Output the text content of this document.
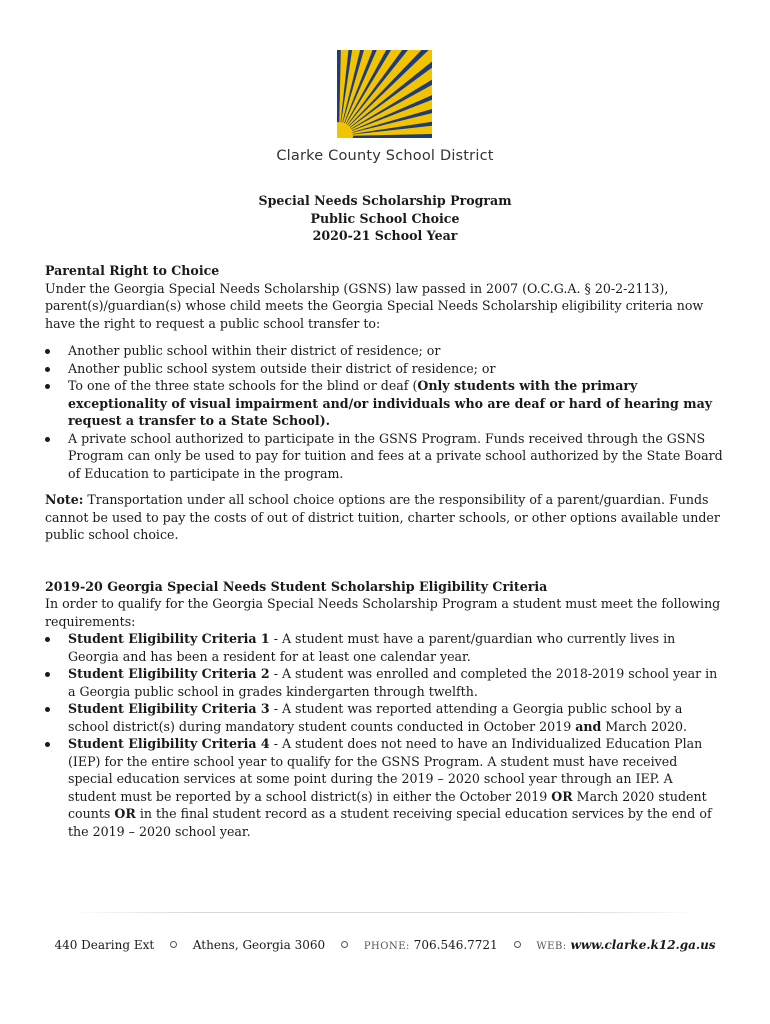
Clarke County School District
Special Needs Scholarship Program
Public School Choice
2020-21 School Year

Parental Right to Choice

Under the Georgia Special Needs Scholarship (GSNS) law passed in 2007 (O.C.G.A. § 20-2-2113), parent(s)/guardian(s) whose child meets the Georgia Special Needs Scholarship eligibility criteria now have the right to request a public school transfer to:

Another public school within their district of residence; or
Another public school system outside their district of residence; or
To one of the three state schools for the blind or deaf (Only students with the primary exceptionality of visual impairment and/or individuals who are deaf or hard of hearing may request a transfer to a State School).
A private school authorized to participate in the GSNS Program. Funds received through the GSNS Program can only be used to pay for tuition and fees at a private school authorized by the State Board of Education to participate in the program.

Note: Transportation under all school choice options are the responsibility of a parent/guardian. Funds cannot be used to pay the costs of out of district tuition, charter schools, or other options available under public school choice.

2019-20 Georgia Special Needs Student Scholarship Eligibility Criteria

In order to qualify for the Georgia Special Needs Scholarship Program a student must meet the following requirements:

Student Eligibility Criteria 1 - A student must have a parent/guardian who currently lives in Georgia and has been a resident for at least one calendar year.
Student Eligibility Criteria 2 - A student was enrolled and completed the 2018-2019 school year in a Georgia public school in grades kindergarten through twelfth.
Student Eligibility Criteria 3 - A student was reported attending a Georgia public school by a school district(s) during mandatory student counts conducted in October 2019 and March 2020.
Student Eligibility Criteria 4 - A student does not need to have an Individualized Education Plan (IEP) for the entire school year to qualify for the GSNS Program. A student must have received special education services at some point during the 2019 – 2020 school year through an IEP. A student must be reported by a school district(s) in either the October 2019 OR March 2020 student counts OR in the final student record as a student receiving special education services by the end of the 2019 – 2020 school year.
440 Dearing Ext	Athens, Georgia 3060	PHONE: 706.546.7721	WEB: www.clarke.k12.ga.us
